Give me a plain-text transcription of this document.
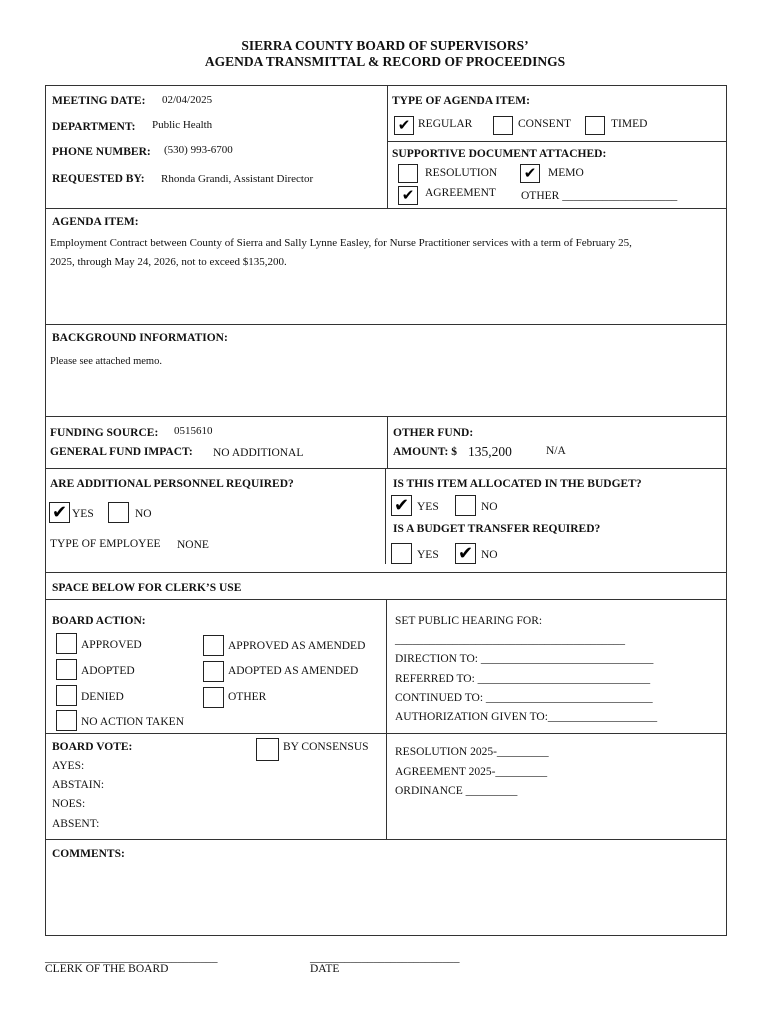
SIERRA COUNTY BOARD OF SUPERVISORS’
AGENDA TRANSMITTAL & RECORD OF PROCEEDINGS
MEETING DATE: 02/04/2025
DEPARTMENT: Public Health
PHONE NUMBER: (530) 993-6700
REQUESTED BY: Rhonda Grandi, Assistant Director
TYPE OF AGENDA ITEM:
✔ REGULAR	CONSENT	TIMED
SUPPORTIVE DOCUMENT ATTACHED:
RESOLUTION ✔ MEMO
✔ AGREEMENT OTHER ____________________
AGENDA ITEM:
Employment Contract between County of Sierra and Sally Lynne Easley, for Nurse Practitioner services with a term of February 25,
2025, through May 24, 2026, not to exceed $135,200.
BACKGROUND INFORMATION:
Please see attached memo.
FUNDING SOURCE: 0515610
GENERAL FUND IMPACT: NO ADDITIONAL
OTHER FUND:
AMOUNT: $ 135,200	N/A
ARE ADDITIONAL PERSONNEL REQUIRED?
✔ YES	NO
TYPE OF EMPLOYEE NONE
IS THIS ITEM ALLOCATED IN THE BUDGET?
✔ YES	NO
IS A BUDGET TRANSFER REQUIRED?
YES ✔ NO
SPACE BELOW FOR CLERK’S USE
BOARD ACTION:
APPROVED	APPROVED AS AMENDED
ADOPTED	ADOPTED AS AMENDED
DENIED	OTHER
NO ACTION TAKEN
SET PUBLIC HEARING FOR:
________________________________________
DIRECTION TO: ______________________________
REFERRED TO: ______________________________
CONTINUED TO: _____________________________
AUTHORIZATION GIVEN TO:___________________
BOARD VOTE:	BY CONSENSUS
AYES:
ABSTAIN:
NOES:
ABSENT:
RESOLUTION 2025-_________
AGREEMENT 2025-_________
ORDINANCE _________
COMMENTS:
______________________________
CLERK OF THE BOARD
__________________________
DATE
